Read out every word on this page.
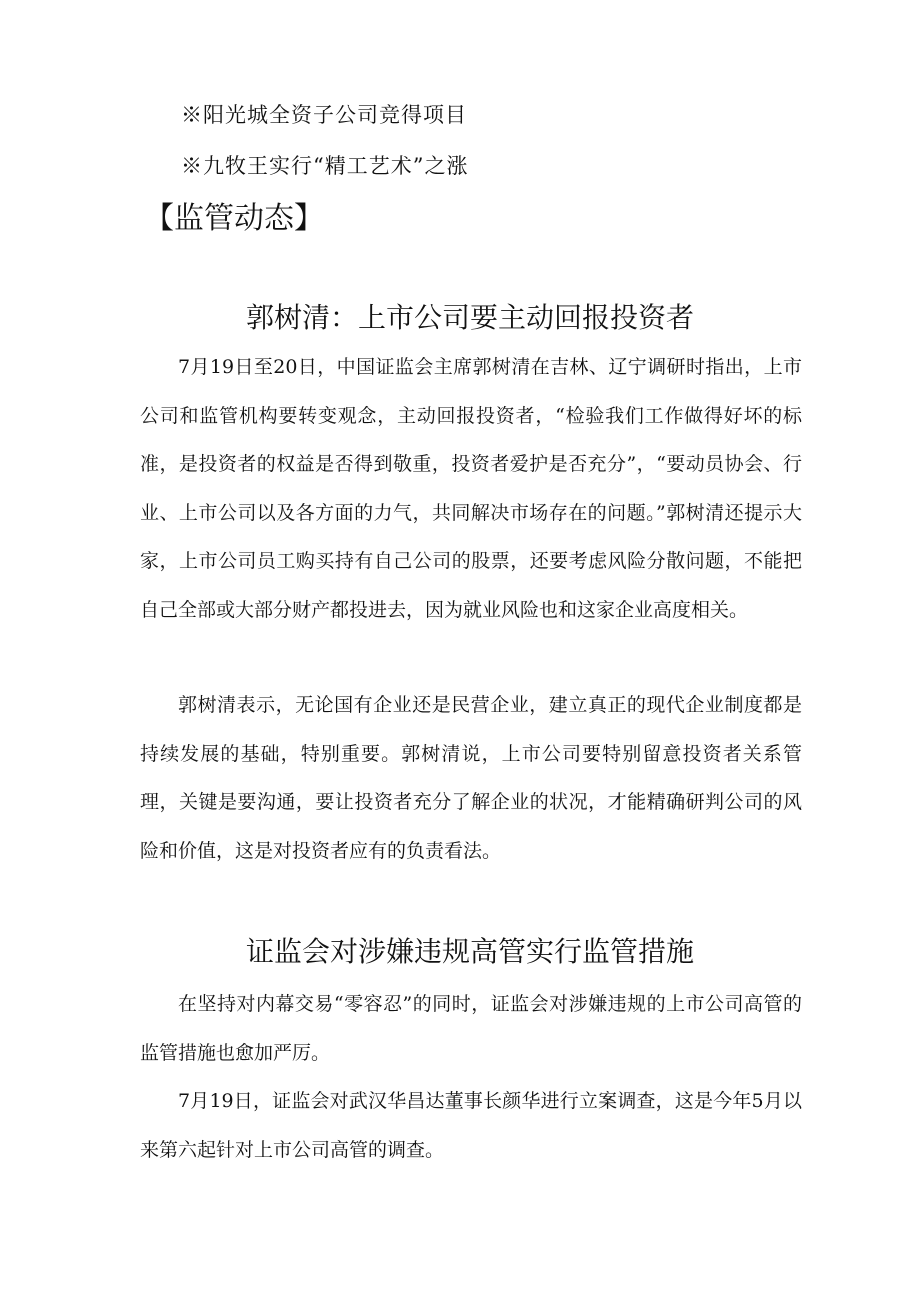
※阳光城全资子公司竞得项目
※九牧王实行“精工艺术”之涨
【监管动态】
郭树清：上市公司要主动回报投资者

7月19日至20日，中国证监会主席郭树清在吉林、辽宁调研时指出，上市公司和监管机构要转变观念，主动回报投资者，“检验我们工作做得好坏的标准，是投资者的权益是否得到敬重，投资者爱护是否充分”，“要动员协会、行业、上市公司以及各方面的力气，共同解决市场存在的问题。”郭树清还提示大家，上市公司员工购买持有自己公司的股票，还要考虑风险分散问题，不能把自己全部或大部分财产都投进去，因为就业风险也和这家企业高度相关。

郭树清表示，无论国有企业还是民营企业，建立真正的现代企业制度都是持续发展的基础，特别重要。郭树清说，上市公司要特别留意投资者关系管理，关键是要沟通，要让投资者充分了解企业的状况，才能精确研判公司的风险和价值，这是对投资者应有的负责看法。

证监会对涉嫌违规高管实行监管措施

在坚持对内幕交易“零容忍”的同时，证监会对涉嫌违规的上市公司高管的监管措施也愈加严厉。

7月19日，证监会对武汉华昌达董事长颜华进行立案调查，这是今年5月以来第六起针对上市公司高管的调查。
